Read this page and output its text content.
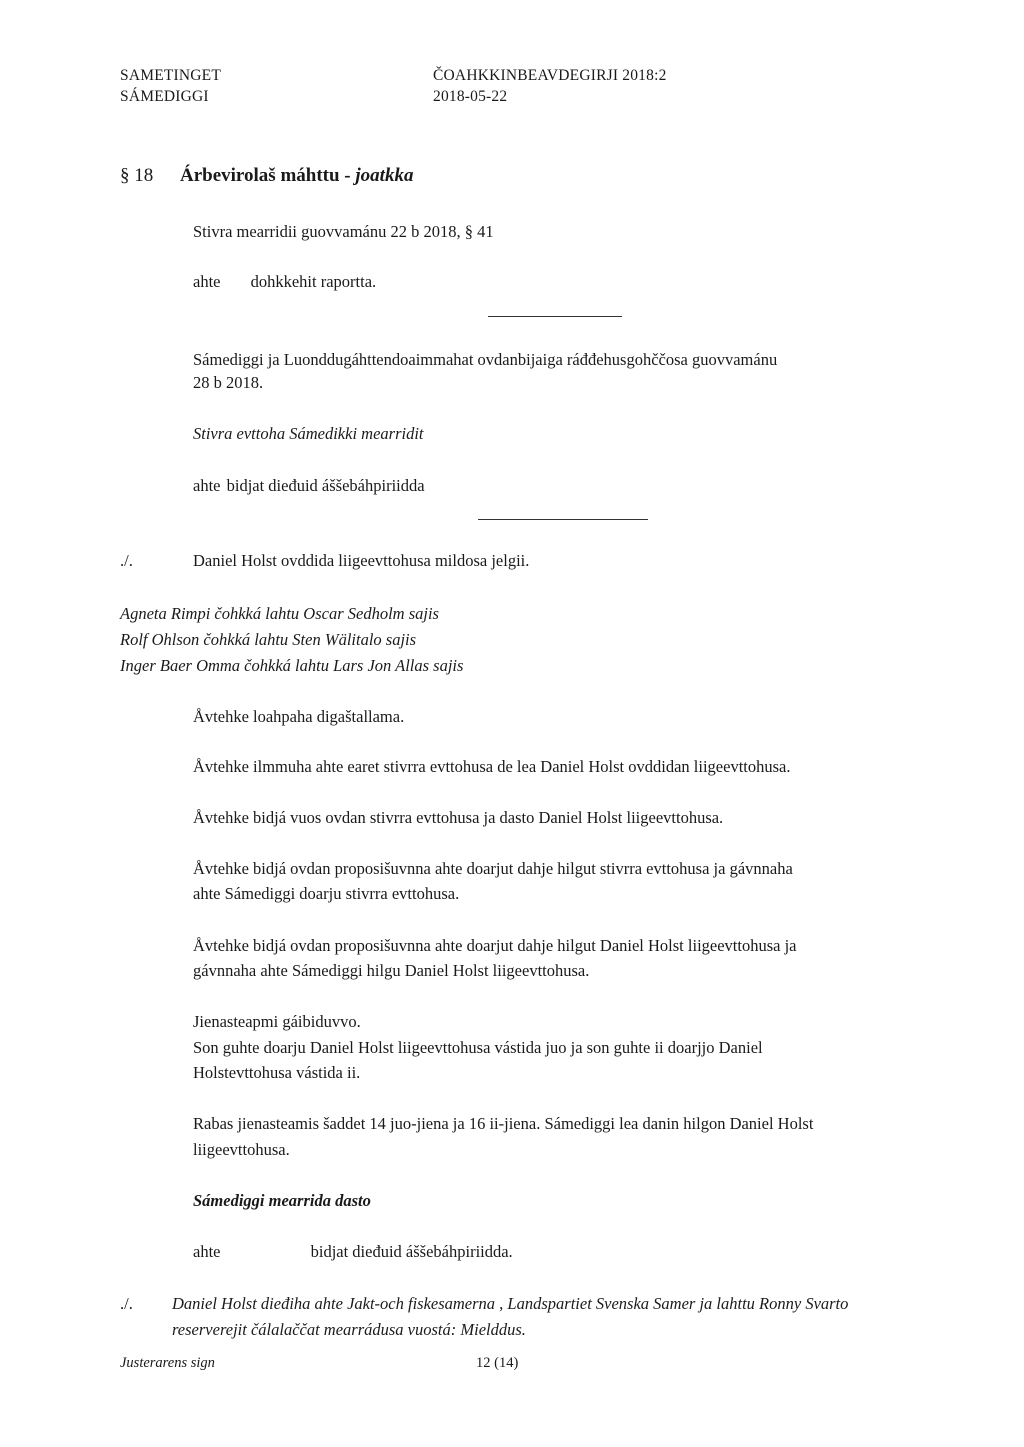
SAMETINGET
SÁMEDIGGI
ČOAHKKINBEAVDEGIRJI 2018:2
2018-05-22
§ 18 Árbevirolaš máhttu - joatkka
Stivra mearridii guovvamánu 22 b 2018, § 41
ahte dohkkehit raportta.
Sámediggi ja Luonddugáhttendoaimmahat ovdanbijaiga ráđđehusgohččosa guovvamánu
28 b 2018.
Stivra evttoha Sámedikki mearridit
ahte bidjat dieđuid áššebáhpiriidda
./.	Daniel Holst ovddida liigeevttohusa mildosa jelgii.
Agneta Rimpi čohkká lahtu Oscar Sedholm sajis
Rolf Ohlson čohkká lahtu Sten Wälitalo sajis
Inger Baer Omma čohkká lahtu Lars Jon Allas sajis
Åvtehke loahpaha digaštallama.
Åvtehke ilmmuha ahte earet stivrra evttohusa de lea Daniel Holst ovddidan liigeevttohusa.
Åvtehke bidjá vuos ovdan stivrra evttohusa ja dasto Daniel Holst liigeevttohusa.
Åvtehke bidjá ovdan proposišuvnna ahte doarjut dahje hilgut stivrra evttohusa ja gávnnaha
ahte Sámediggi doarju stivrra evttohusa.
Åvtehke bidjá ovdan proposišuvnna ahte doarjut dahje hilgut Daniel Holst liigeevttohusa ja
gávnnaha ahte Sámediggi hilgu Daniel Holst liigeevttohusa.
Jienasteapmi gáibiduvvo.
Son guhte doarju Daniel Holst liigeevttohusa vástida juo ja son guhte ii doarjjo Daniel
Holstevttohusa vástida ii.
Rabas jienasteamis šaddet 14 juo-jiena ja 16 ii-jiena. Sámediggi lea danin hilgon Daniel Holst
liigeevttohusa.
Sámediggi mearrida dasto
ahte	bidjat dieđuid áššebáhpiriidda.
./. Daniel Holst dieđiha ahte Jakt-och fiskesamerna , Landspartiet Svenska Samer ja lahttu Ronny Svarto
reserverejit čálalaččat mearrádusa vuostá: Mielddus.
Justerarens sign	12 (14)
